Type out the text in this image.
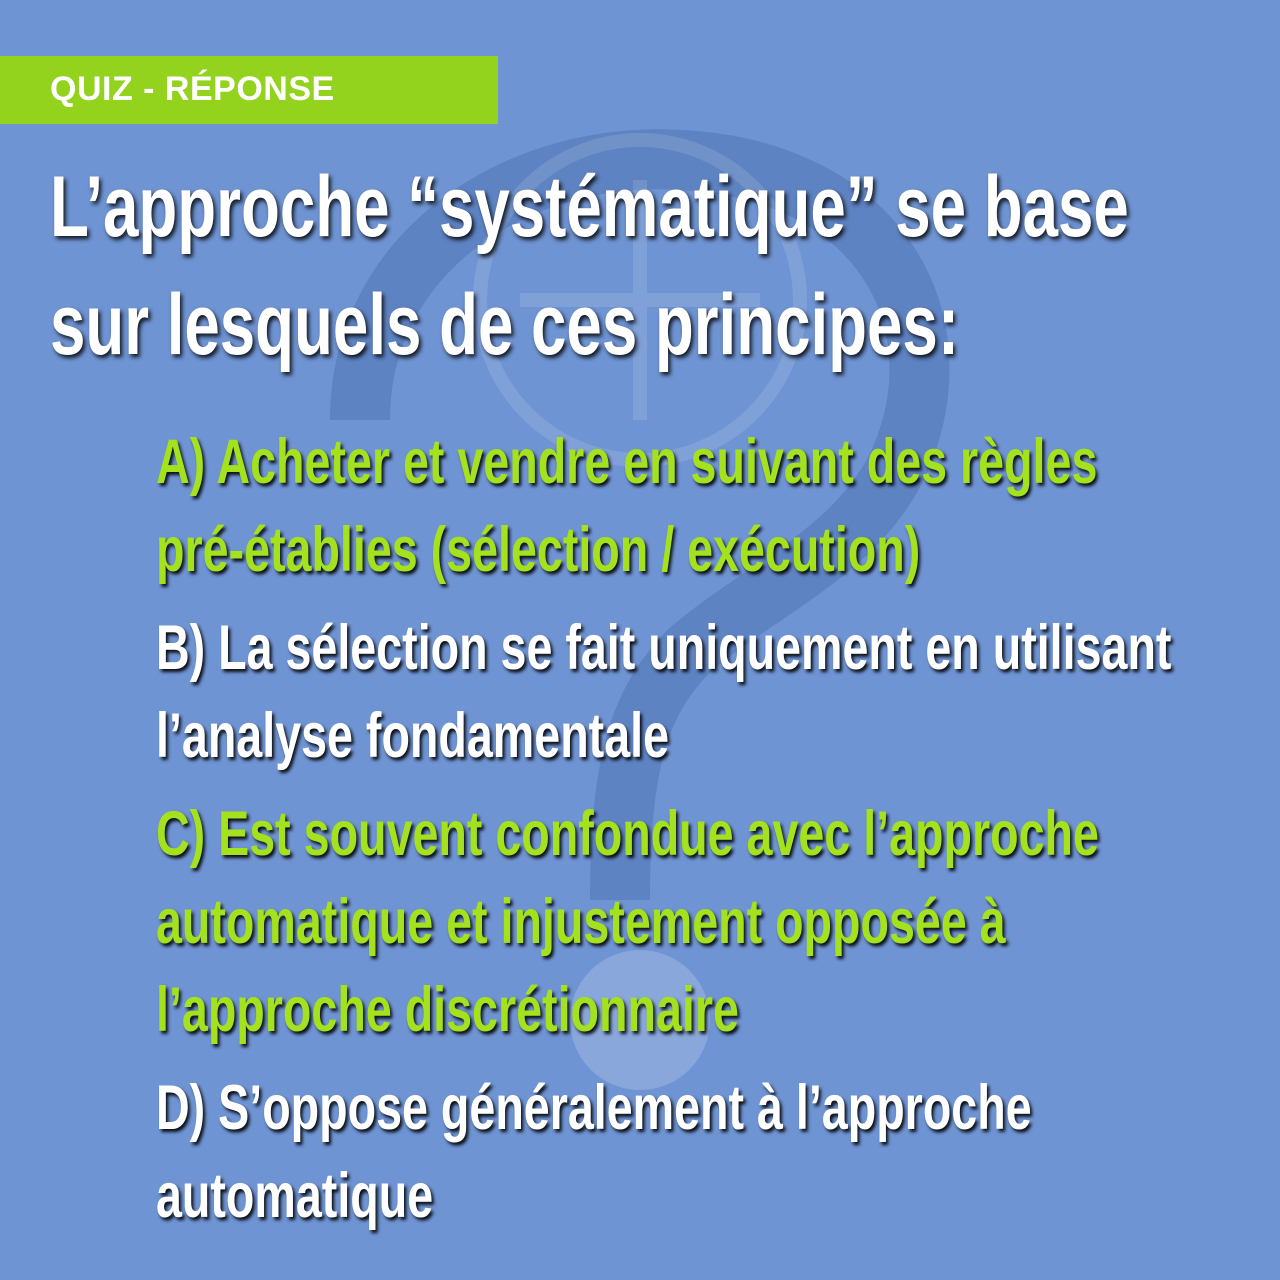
QUIZ - RÉPONSE
L’approche “systématique” se base
sur lesquels de ces principes:
A) Acheter et vendre en suivant des règles
pré-établies (sélection / exécution)
B) La sélection se fait uniquement en utilisant
l’analyse fondamentale
C) Est souvent confondue avec l’approche
automatique et injustement opposée à
l’approche discrétionnaire
D) S’oppose généralement à l’approche
automatique
